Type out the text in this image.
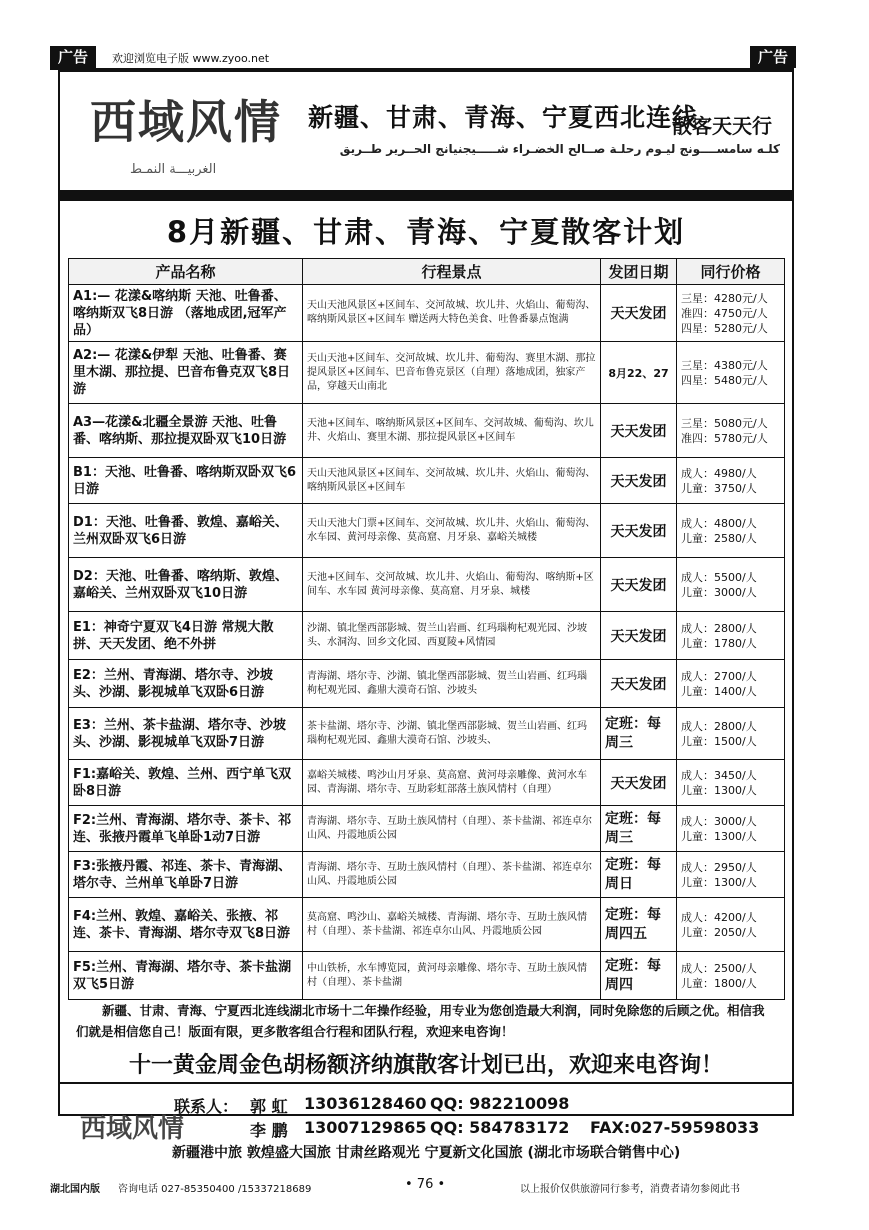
广告	欢迎浏览电子版 www.zyoo.net	广告
西域风情
الغربيـــة النمـط
新疆、甘肃、青海、宁夏西北连线
散客天天行
كلـه سامســــونج ليـوم رحلـة صــالح الخضـراء شـــــيجنيانج الحــرير طــريق
8月新疆、甘肃、青海、宁夏散客计划
产品名称	行程景点	发团日期	同行价格
A1:— 花漾&喀纳斯 天池、吐鲁番、喀纳斯双飞8日游 （落地成团,冠军产品）	天山天池风景区+区间车、交河故城、坎儿井、火焰山、葡萄沟、喀纳斯风景区+区间车 赠送两大特色美食、吐鲁番暴点饱满	天天发团	三星：4280元/人
准四：4750元/人
四星：5280元/人

A2:— 花漾&伊犁 天池、吐鲁番、赛里木湖、那拉提、巴音布鲁克双飞8日游	天山天池+区间车、交河故城、坎儿井、葡萄沟、赛里木湖、那拉提风景区+区间车、巴音布鲁克景区（自理）落地成团，独家产品，穿越天山南北	8月22、27	三星：4380元/人
四星：5480元/人

A3—花漾&北疆全景游 天池、吐鲁番、喀纳斯、那拉提双卧双飞10日游	天池+区间车、喀纳斯风景区+区间车、交河故城、葡萄沟、坎儿井、火焰山、赛里木湖、那拉提风景区+区间车	天天发团	三星：5080元/人
准四：5780元/人

B1：天池、吐鲁番、喀纳斯双卧双飞6日游	天山天池风景区+区间车、交河故城、坎儿井、火焰山、葡萄沟、喀纳斯风景区+区间车	天天发团	成人：4980/人
儿童：3750/人

D1：天池、吐鲁番、敦煌、嘉峪关、兰州双卧双飞6日游	天山天池大门票+区间车、交河故城、坎儿井、火焰山、葡萄沟、水车园、黄河母亲像、莫高窟、月牙泉、嘉峪关城楼	天天发团	成人：4800/人
儿童：2580/人

D2：天池、吐鲁番、喀纳斯、敦煌、嘉峪关、兰州双卧双飞10日游	天池+区间车、交河故城、坎儿井、火焰山、葡萄沟、喀纳斯+区间车、水车园 黄河母亲像、莫高窟、月牙泉、城楼	天天发团	成人：5500/人
儿童：3000/人

E1：神奇宁夏双飞4日游 常规大散拼、天天发团、绝不外拼	沙湖、镇北堡西部影城、贺兰山岩画、红玛瑙枸杞观光园、沙坡头、水洞沟、回乡文化园、西夏陵+风情园	天天发团	成人：2800/人
儿童：1780/人

E2：兰州、青海湖、塔尔寺、沙坡头、沙湖、影视城单飞双卧6日游	青海湖、塔尔寺、沙湖、镇北堡西部影城、贺兰山岩画、红玛瑙枸杞观光园、鑫鼎大漠奇石馆、沙坡头	天天发团	成人：2700/人
儿童：1400/人

E3：兰州、茶卡盐湖、塔尔寺、沙坡头、沙湖、影视城单飞双卧7日游	茶卡盐湖、塔尔寺、沙湖、镇北堡西部影城、贺兰山岩画、红玛瑙枸杞观光园、鑫鼎大漠奇石馆、沙坡头、	定班：每周三	成人：2800/人
儿童：1500/人

F1:嘉峪关、敦煌、兰州、西宁单飞双卧8日游	嘉峪关城楼、鸣沙山月牙泉、莫高窟、黄河母亲雕像、黄河水车园、青海湖、塔尔寺、互助彩虹部落土族风情村（自理）	天天发团	成人：3450/人
儿童：1300/人

F2:兰州、青海湖、塔尔寺、茶卡、祁连、张掖丹霞单飞单卧1动7日游	青海湖、塔尔寺、互助土族风情村（自理）、茶卡盐湖、祁连卓尔山风、丹霞地质公园	定班：每周三	成人：3000/人
儿童：1300/人

F3:张掖丹霞、祁连、茶卡、青海湖、塔尔寺、兰州单飞单卧7日游	青海湖、塔尔寺、互助土族风情村（自理）、茶卡盐湖、祁连卓尔山风、丹霞地质公园	定班：每周日	成人：2950/人
儿童：1300/人

F4:兰州、敦煌、嘉峪关、张掖、祁连、茶卡、青海湖、塔尔寺双飞8日游	莫高窟、鸣沙山、嘉峪关城楼、青海湖、塔尔寺、互助土族风情村（自理）、茶卡盐湖、祁连卓尔山风、丹霞地质公园	定班：每周四五	成人：4200/人
儿童：2050/人

F5:兰州、青海湖、塔尔寺、茶卡盐湖双飞5日游	中山铁桥，水车博览园，黄河母亲雕像、塔尔寺、互助土族风情村（自理）、茶卡盐湖	定班：每周四	成人：2500/人
儿童：1800/人
新疆、甘肃、青海、宁夏西北连线湖北市场十二年操作经验，用专业为您创造最大利润，同时免除您的后顾之优。相信我们就是相信您自己！版面有限，更多散客组合行程和团队行程，欢迎来电咨询！
十一黄金周金色胡杨额济纳旗散客计划已出，欢迎来电咨询！
西域风情
联系人： 郭 虹 13036128460 QQ: 982210098
李 鹏 13007129865 QQ: 584783172 FAX:027-59598033
新疆港中旅 敦煌盛大国旅 甘肃丝路观光 宁夏新文化国旅 (湖北市场联合销售中心)
湖北国内版 咨询电话 027-85350400 /15337218689	• 76 •	以上报价仅供旅游同行参考，消费者请勿参阅此书
